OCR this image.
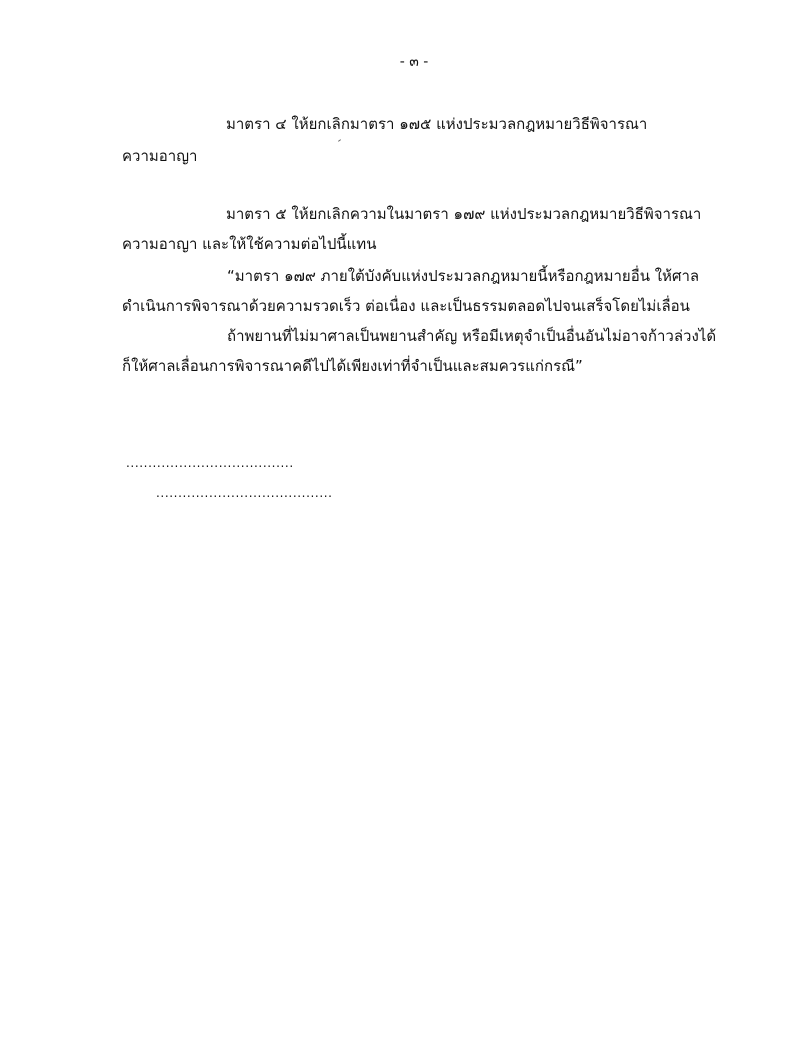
- ๓ -
มาตรา ๔ ให้ยกเลิกมาตรา ๑๗๕ แห่งประมวลกฎหมายวิธีพิจารณา
ความอาญา
มาตรา ๕ ให้ยกเลิกความในมาตรา ๑๗๙ แห่งประมวลกฎหมายวิธีพิจารณา
ความอาญา และให้ใช้ความต่อไปนี้แทน
“มาตรา ๑๗๙ ภายใต้บังคับแห่งประมวลกฎหมายนี้หรือกฎหมายอื่น ให้ศาล
ดำเนินการพิจารณาด้วยความรวดเร็ว ต่อเนื่อง และเป็นธรรมตลอดไปจนเสร็จโดยไม่เลื่อน
ถ้าพยานที่ไม่มาศาลเป็นพยานสำคัญ หรือมีเหตุจำเป็นอื่นอันไม่อาจก้าวล่วงได้
ก็ให้ศาลเลื่อนการพิจารณาคดีไปได้เพียงเท่าที่จำเป็นและสมควรแก่กรณี”
......................................
........................................
